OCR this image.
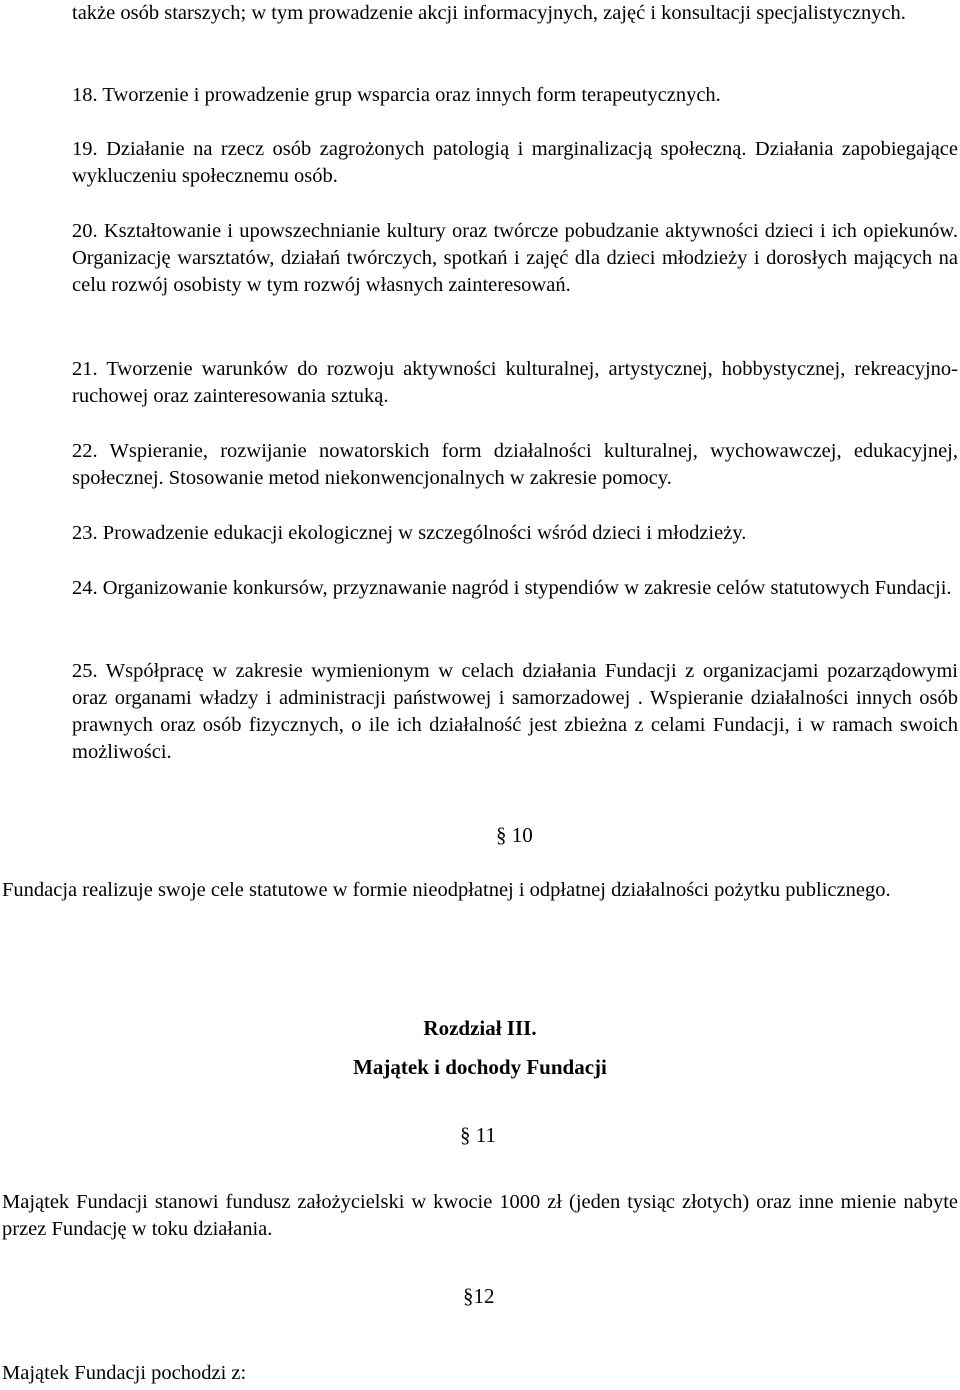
także osób starszych; w tym prowadzenie akcji informacyjnych, zajęć i konsultacji specjalistycznych.

18. Tworzenie i prowadzenie grup wsparcia oraz innych form terapeutycznych.

19. Działanie na rzecz osób zagrożonych patologią i marginalizacją społeczną. Działania zapobiegające wykluczeniu społecznemu osób.

20. Kształtowanie i upowszechnianie kultury oraz twórcze pobudzanie aktywności dzieci i ich opiekunów. Organizację warsztatów, działań twórczych, spotkań i zajęć dla dzieci młodzieży i dorosłych mających na celu rozwój osobisty w tym rozwój własnych zainteresowań.

21. Tworzenie warunków do rozwoju aktywności kulturalnej, artystycznej, hobbystycznej, rekreacyjno-ruchowej oraz zainteresowania sztuką.

22. Wspieranie, rozwijanie nowatorskich form działalności kulturalnej, wychowawczej, edukacyjnej, społecznej. Stosowanie metod niekonwencjonalnych w zakresie pomocy.

23. Prowadzenie edukacji ekologicznej w szczególności wśród dzieci i młodzieży.

24. Organizowanie konkursów, przyznawanie nagród i stypendiów w zakresie celów statutowych Fundacji.

25. Współpracę w zakresie wymienionym w celach działania Fundacji z organizacjami pozarządowymi oraz organami władzy i administracji państwowej i samorzadowej . Wspieranie działalności innych osób prawnych oraz osób fizycznych, o ile ich działalność jest zbieżna z celami Fundacji, i w ramach swoich możliwości.

§ 10

Fundacja realizuje swoje cele statutowe w formie nieodpłatnej i odpłatnej działalności pożytku publicznego.

Rozdział III.

Majątek i dochody Fundacji

§ 11

Majątek Fundacji stanowi fundusz założycielski w kwocie 1000 zł (jeden tysiąc złotych) oraz inne mienie nabyte przez Fundację w toku działania.

§12

Majątek Fundacji pochodzi z:
